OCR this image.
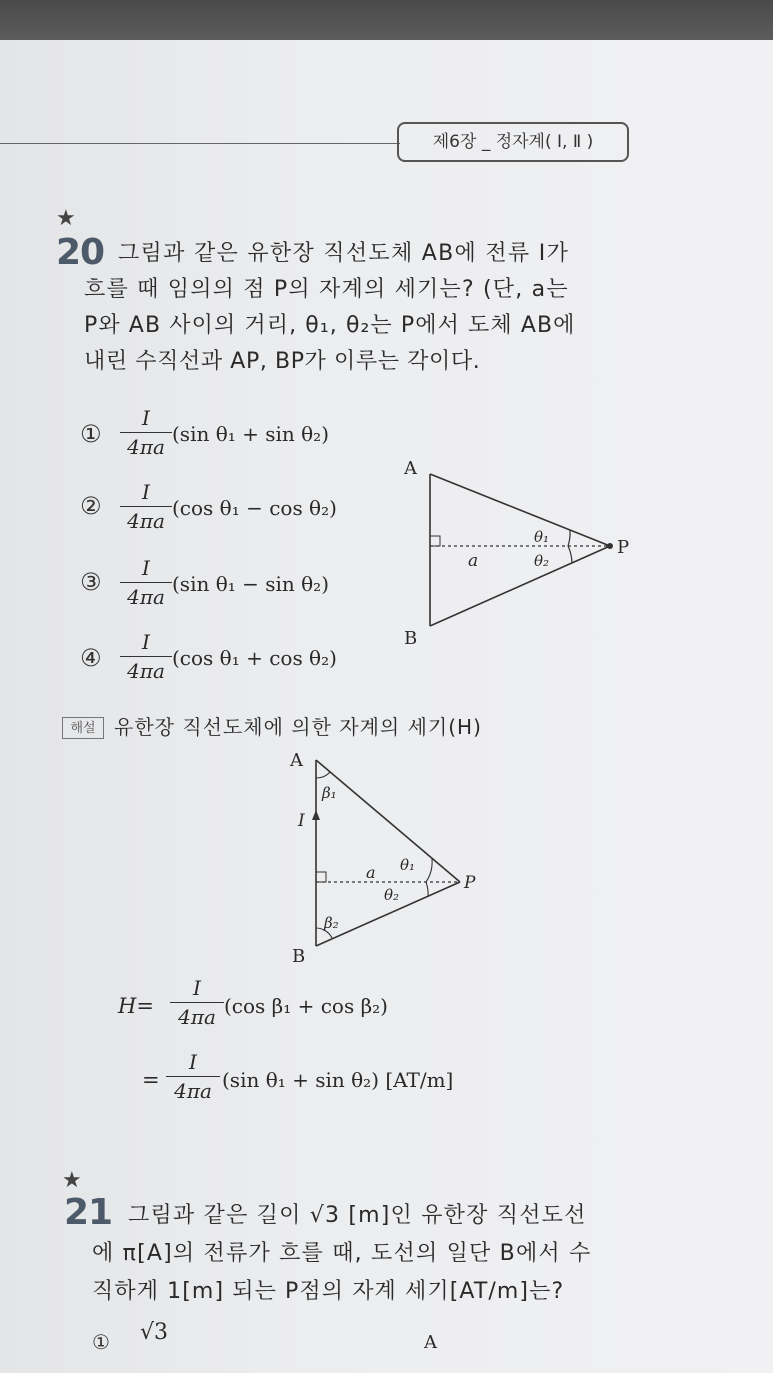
제6장 _ 정자계( Ⅰ, Ⅱ )
★
20 그림과 같은 유한장 직선도체 AB에 전류 I가
흐를 때 임의의 점 P의 자계의 세기는? (단, a는
P와 AB 사이의 거리, θ₁, θ₂는 P에서 도체 AB에
내린 수직선과 AP, BP가 이루는 각이다.
①
I
4πa
(sin θ₁ + sin θ₂)
②	I
4πa
(cos θ₁ − cos θ₂)
③	I
4πa
(sin θ₁ − sin θ₂)
④
I
4πa
(cos θ₁ + cos θ₂)
A
B
P
a
θ₁
θ₂
해설 유한장 직선도체에 의한 자계의 세기(H)
A
B
P
I
a
β₁
β₂
θ₁
θ₂
H=
I
4πa (cos β₁ + cos β₂)
=
I
4πa (sin θ₁ + sin θ₂) [AT/m]
★
21 그림과 같은 길이 √3 [m]인 유한장 직선도선
에 π[A]의 전류가 흐를 때, 도선의 일단 B에서 수
직하게 1[m] 되는 P점의 자계 세기[AT/m]는?
① √3	A
